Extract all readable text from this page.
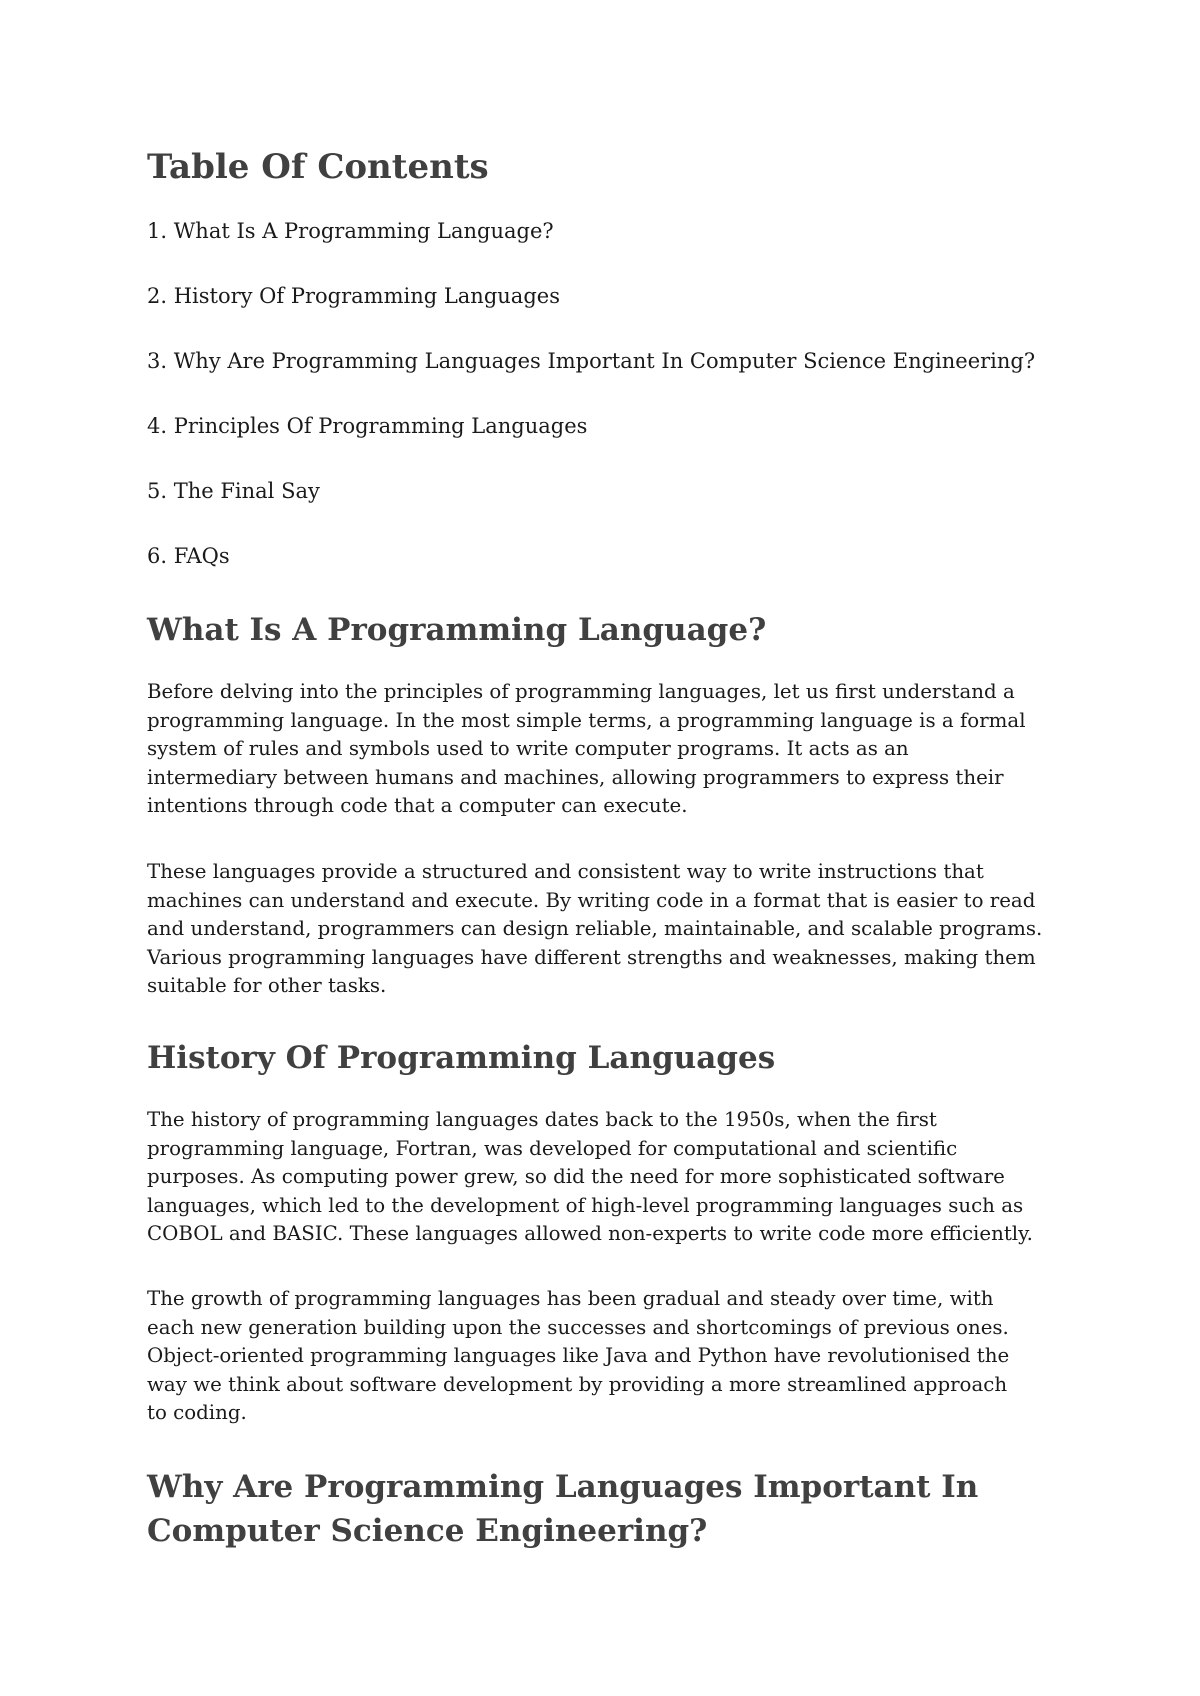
Table Of Contents

1. What Is A Programming Language?

2. History Of Programming Languages

3. Why Are Programming Languages Important In Computer Science Engineering?

4. Principles Of Programming Languages

5. The Final Say

6. FAQs

What Is A Programming Language?

Before delving into the principles of programming languages, let us first understand a
programming language. In the most simple terms, a programming language is a formal
system of rules and symbols used to write computer programs. It acts as an
intermediary between humans and machines, allowing programmers to express their
intentions through code that a computer can execute.

These languages provide a structured and consistent way to write instructions that
machines can understand and execute. By writing code in a format that is easier to read
and understand, programmers can design reliable, maintainable, and scalable programs.
Various programming languages have different strengths and weaknesses, making them
suitable for other tasks.

History Of Programming Languages

The history of programming languages dates back to the 1950s, when the first
programming language, Fortran, was developed for computational and scientific
purposes. As computing power grew, so did the need for more sophisticated software
languages, which led to the development of high-level programming languages such as
COBOL and BASIC. These languages allowed non-experts to write code more efficiently.

The growth of programming languages has been gradual and steady over time, with
each new generation building upon the successes and shortcomings of previous ones.
Object-oriented programming languages like Java and Python have revolutionised the
way we think about software development by providing a more streamlined approach
to coding.

Why Are Programming Languages Important In
Computer Science Engineering?
